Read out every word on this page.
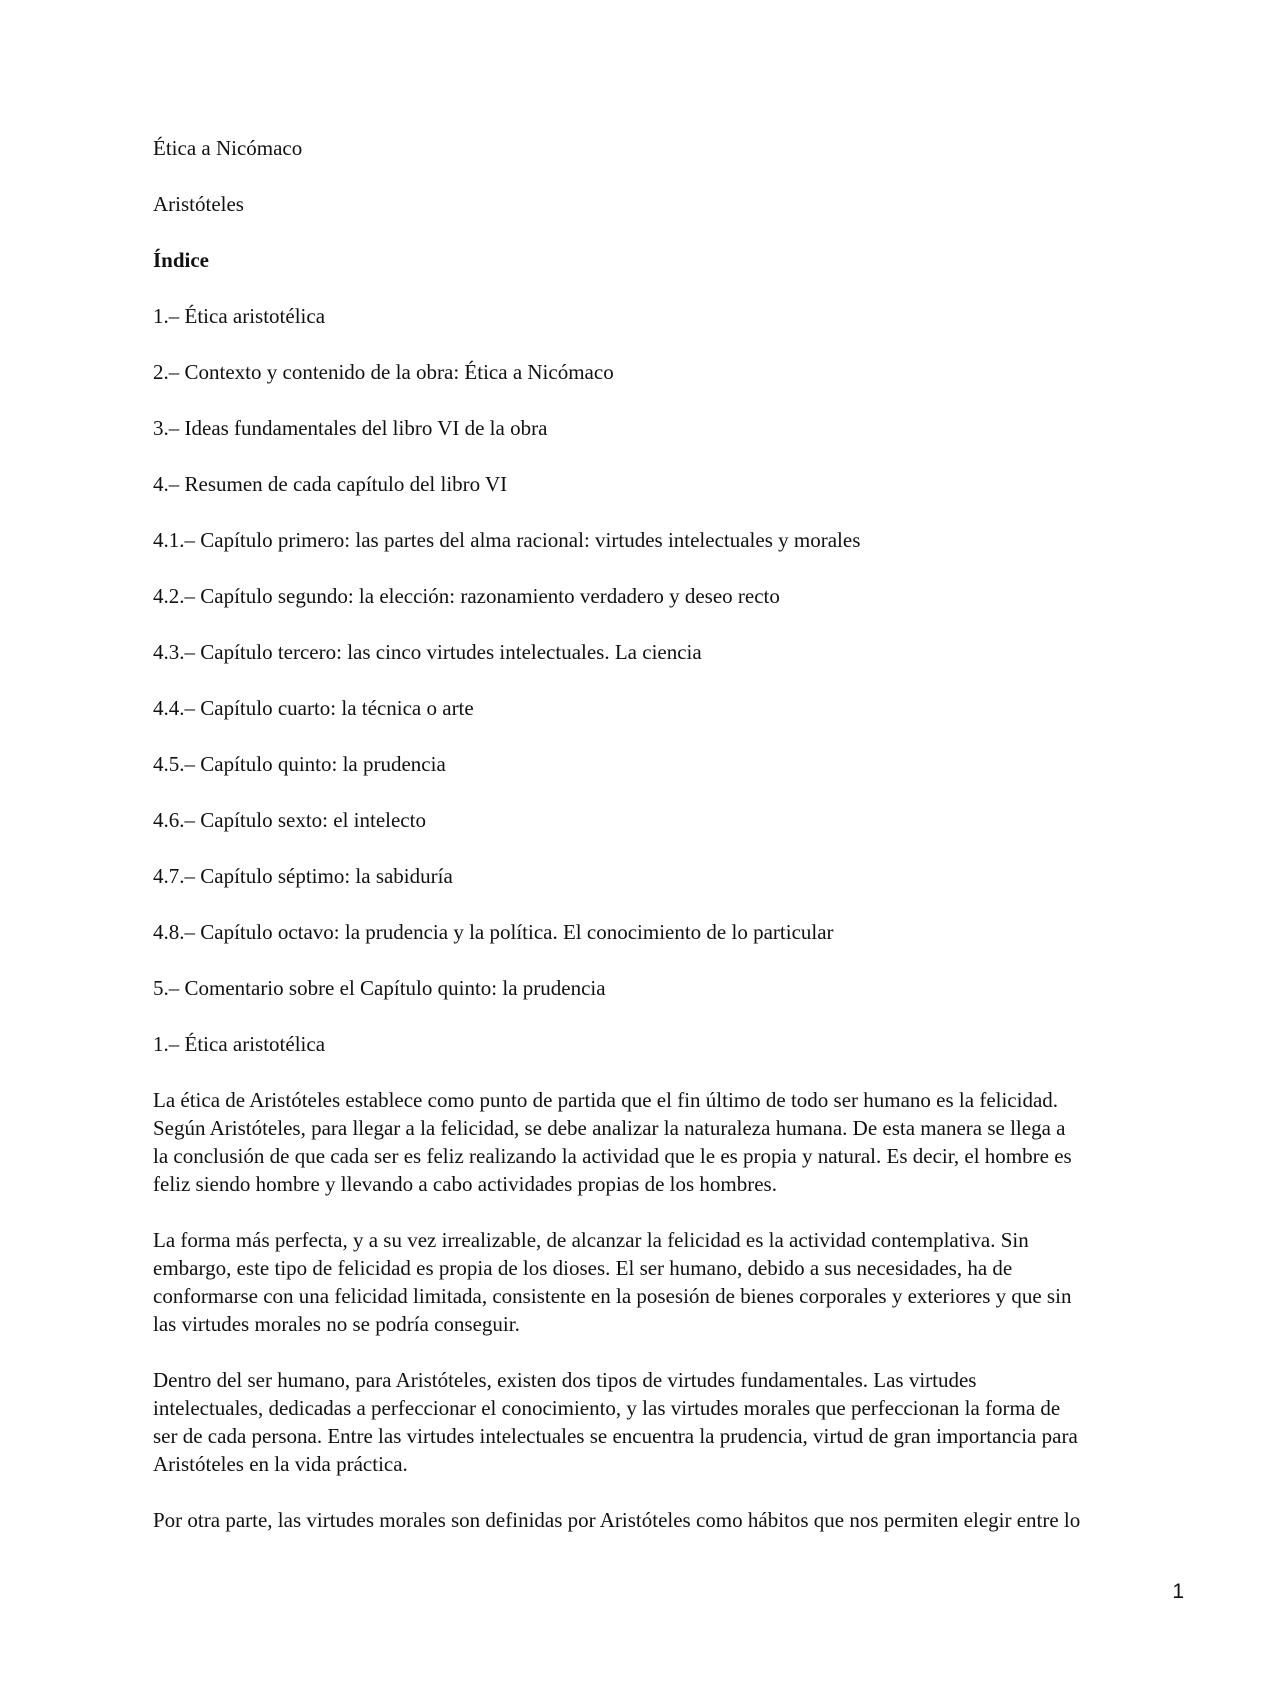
Ética a Nicómaco
Aristóteles
Índice
1.– Ética aristotélica
2.– Contexto y contenido de la obra: Ética a Nicómaco
3.– Ideas fundamentales del libro VI de la obra
4.– Resumen de cada capítulo del libro VI
4.1.– Capítulo primero: las partes del alma racional: virtudes intelectuales y morales
4.2.– Capítulo segundo: la elección: razonamiento verdadero y deseo recto
4.3.– Capítulo tercero: las cinco virtudes intelectuales. La ciencia
4.4.– Capítulo cuarto: la técnica o arte
4.5.– Capítulo quinto: la prudencia
4.6.– Capítulo sexto: el intelecto
4.7.– Capítulo séptimo: la sabiduría
4.8.– Capítulo octavo: la prudencia y la política. El conocimiento de lo particular
5.– Comentario sobre el Capítulo quinto: la prudencia
1.– Ética aristotélica
La ética de Aristóteles establece como punto de partida que el fin último de todo ser humano es la felicidad.
Según Aristóteles, para llegar a la felicidad, se debe analizar la naturaleza humana. De esta manera se llega a
la conclusión de que cada ser es feliz realizando la actividad que le es propia y natural. Es decir, el hombre es
feliz siendo hombre y llevando a cabo actividades propias de los hombres.
La forma más perfecta, y a su vez irrealizable, de alcanzar la felicidad es la actividad contemplativa. Sin
embargo, este tipo de felicidad es propia de los dioses. El ser humano, debido a sus necesidades, ha de
conformarse con una felicidad limitada, consistente en la posesión de bienes corporales y exteriores y que sin
las virtudes morales no se podría conseguir.
Dentro del ser humano, para Aristóteles, existen dos tipos de virtudes fundamentales. Las virtudes
intelectuales, dedicadas a perfeccionar el conocimiento, y las virtudes morales que perfeccionan la forma de
ser de cada persona. Entre las virtudes intelectuales se encuentra la prudencia, virtud de gran importancia para
Aristóteles en la vida práctica.
Por otra parte, las virtudes morales son definidas por Aristóteles como hábitos que nos permiten elegir entre lo
1
